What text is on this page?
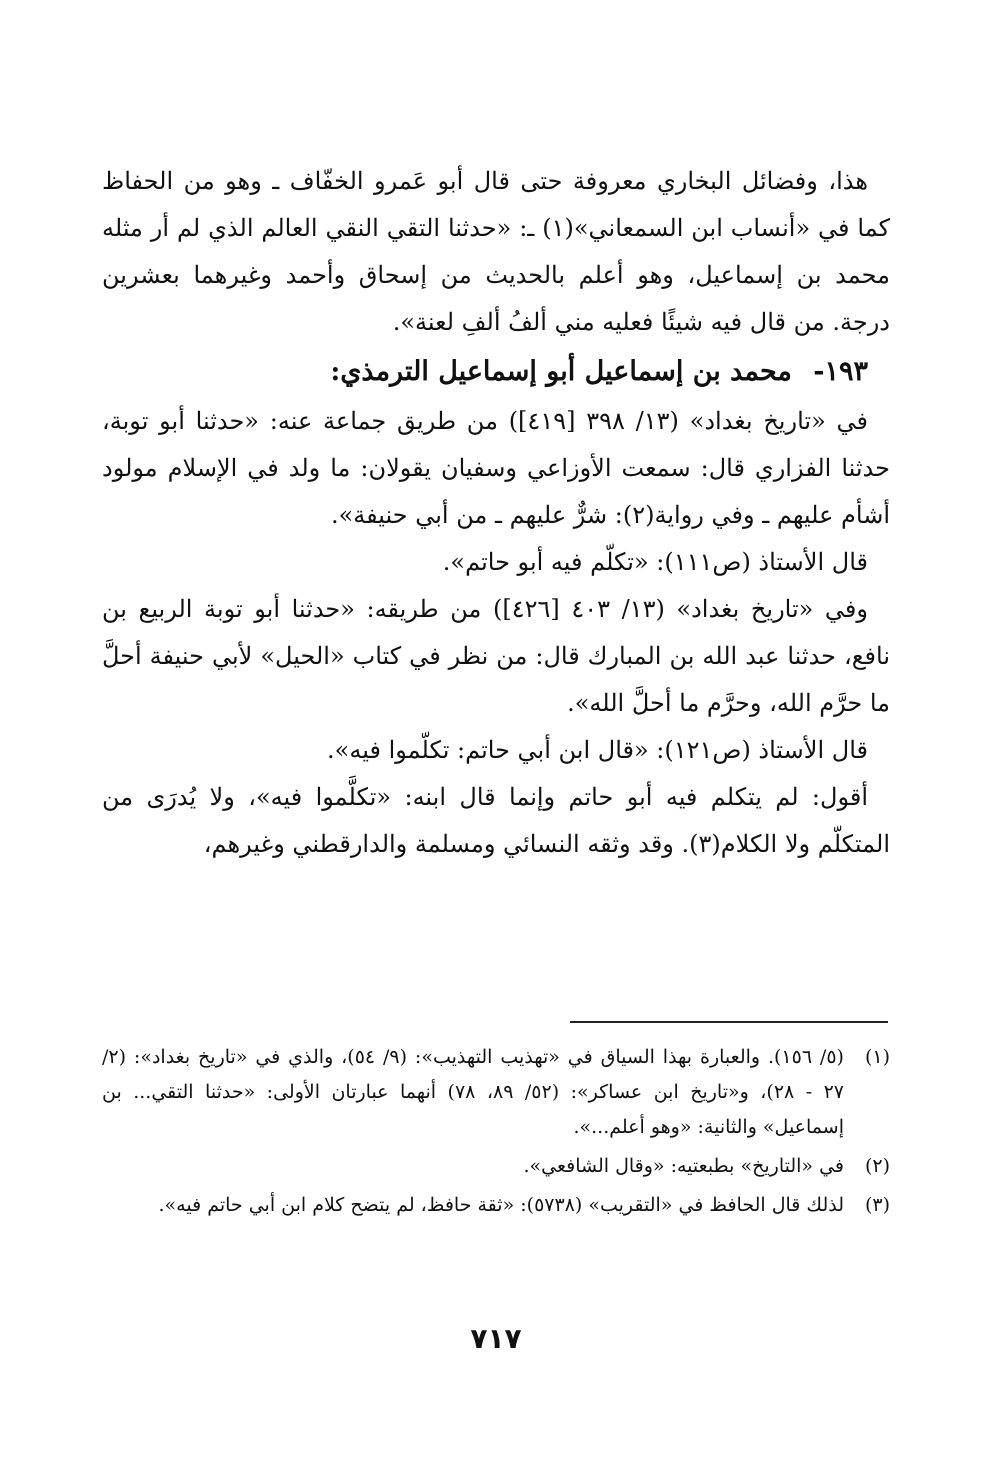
هذا، وفضائل البخاري معروفة حتى قال أبو عَمرو الخفّاف ـ وهو من الحفاظ كما في «أنساب ابن السمعاني»(١) ـ: «حدثنا التقي النقي العالم الذي لم أر مثله محمد بن إسماعيل، وهو أعلم بالحديث من إسحاق وأحمد وغيرهما بعشرين درجة. من قال فيه شيئًا فعليه مني ألفُ ألفِ لعنة».

١٩٣- محمد بن إسماعيل أبو إسماعيل الترمذي:

في «تاريخ بغداد» (١٣/ ٣٩٨ [٤١٩]) من طريق جماعة عنه: «حدثنا أبو توبة، حدثنا الفزاري قال: سمعت الأوزاعي وسفيان يقولان: ما ولد في الإسلام مولود أشأم عليهم ـ وفي رواية(٢): شرٌّ عليهم ـ من أبي حنيفة».

قال الأستاذ (ص١١١): «تكلّم فيه أبو حاتم».

وفي «تاريخ بغداد» (١٣/ ٤٠٣ [٤٢٦]) من طريقه: «حدثنا أبو توبة الربيع بن نافع، حدثنا عبد الله بن المبارك قال: من نظر في كتاب «الحيل» لأبي حنيفة أحلَّ ما حرَّم الله، وحرَّم ما أحلَّ الله».

قال الأستاذ (ص١٢١): «قال ابن أبي حاتم: تكلّموا فيه».

أقول: لم يتكلم فيه أبو حاتم وإنما قال ابنه: «تكلَّموا فيه»، ولا يُدرَى من المتكلّم ولا الكلام(٣). وقد وثقه النسائي ومسلمة والدارقطني وغيرهم،

(١)
(٥/ ١٥٦). والعبارة بهذا السياق في «تهذيب التهذيب»: (٩/ ٥٤)، والذي في «تاريخ بغداد»: (٢/ ٢٧ - ٢٨)، و«تاريخ ابن عساكر»: (٥٢/ ٨٩، ٧٨) أنهما عبارتان الأولى: «حدثنا التقي... بن إسماعيل» والثانية: «وهو أعلم...».
(٢)
في «التاريخ» بطبعتيه: «وقال الشافعي».
(٣)
لذلك قال الحافظ في «التقريب» (٥٧٣٨): «ثقة حافظ، لم يتضح كلام ابن أبي حاتم فيه».
٧١٧
